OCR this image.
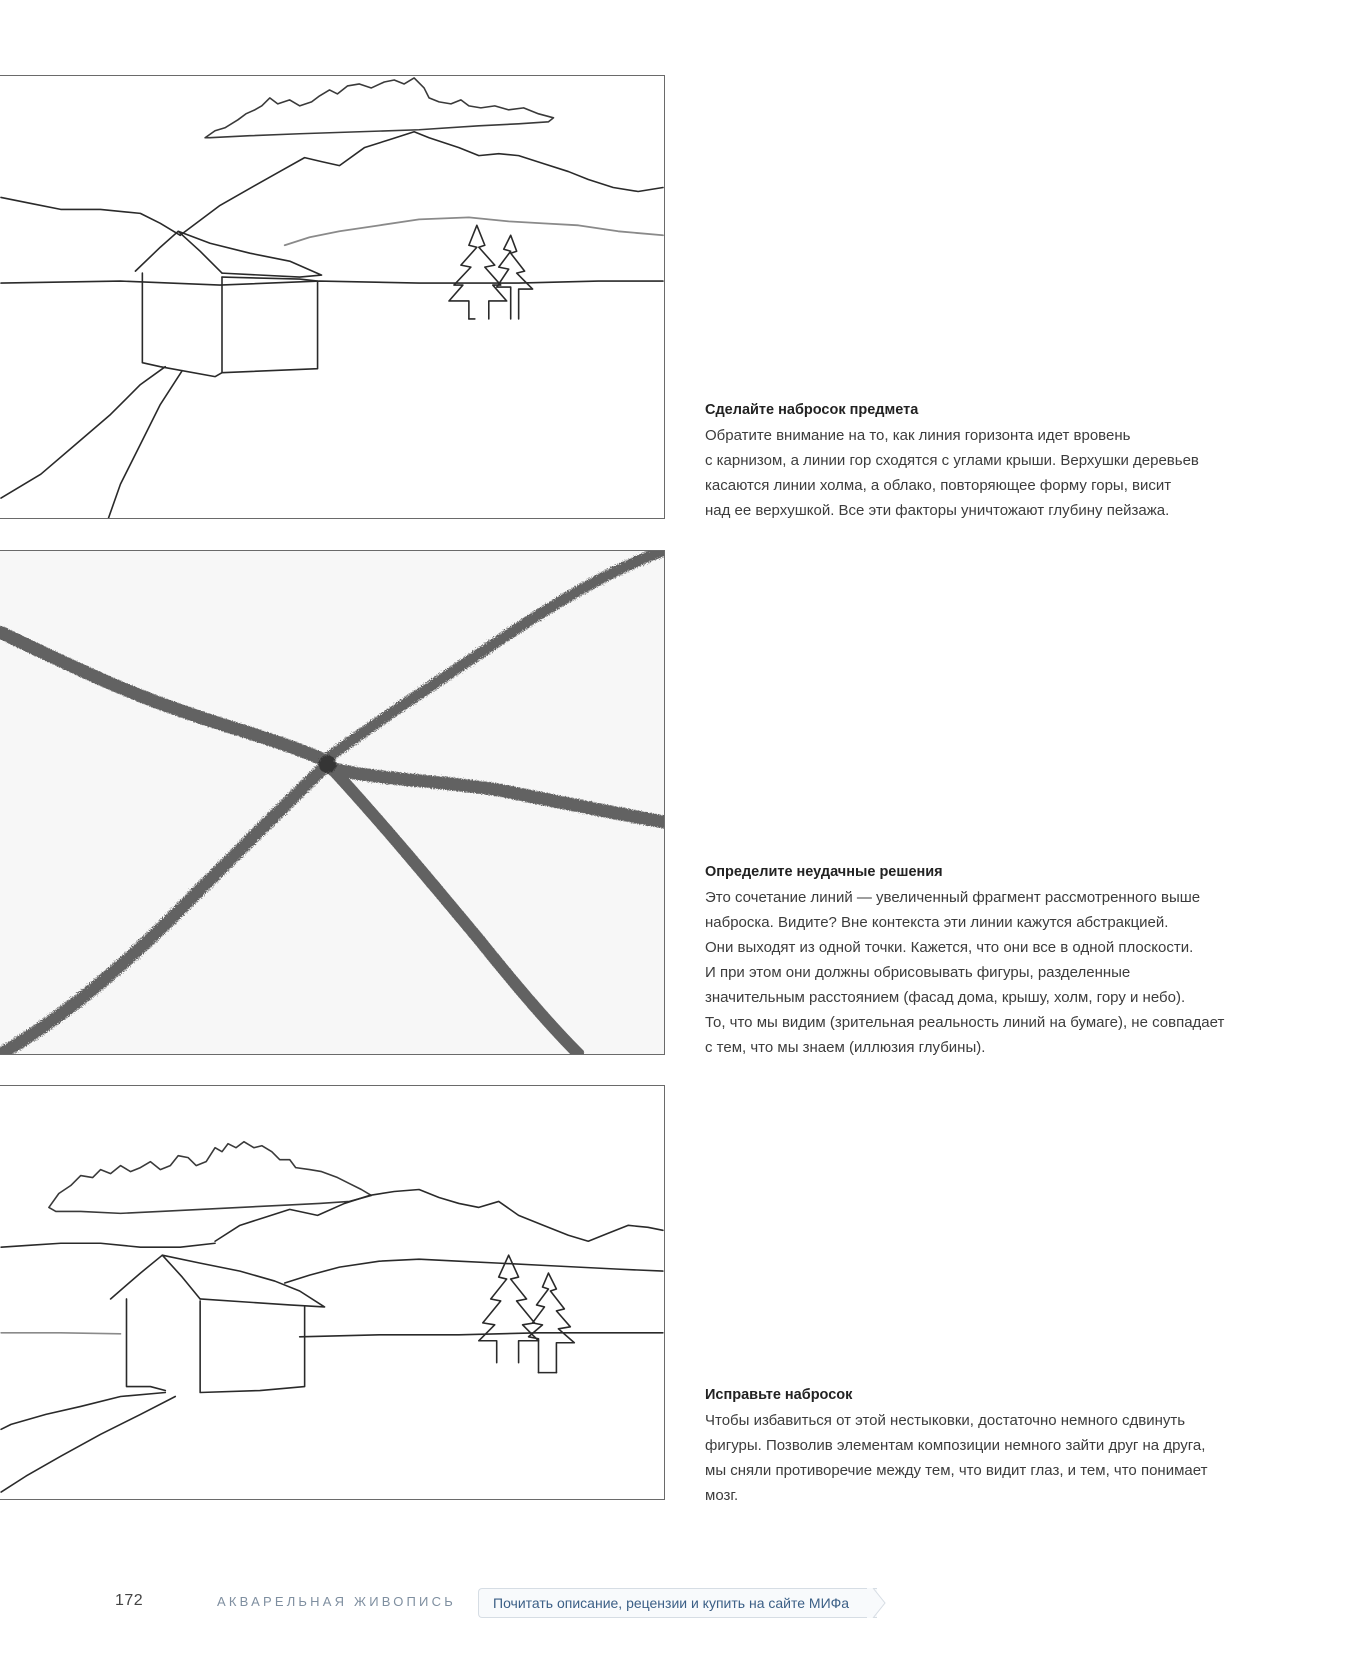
Сделайте набросок предмета
Обратите внимание на то, как линия горизонта идет вровень
с карнизом, а линии гор сходятся с углами крыши. Верхушки деревьев
касаются линии холма, а облако, повторяющее форму горы, висит
над ее верхушкой. Все эти факторы уничтожают глубину пейзажа.
Определите неудачные решения
Это сочетание линий — увеличенный фрагмент рассмотренного выше
наброска. Видите? Вне контекста эти линии кажутся абстракцией.
Они выходят из одной точки. Кажется, что они все в одной плоскости.
И при этом они должны обрисовывать фигуры, разделенные
значительным расстоянием (фасад дома, крышу, холм, гору и небо).
То, что мы видим (зрительная реальность линий на бумаге), не совпадает
с тем, что мы знаем (иллюзия глубины).
Исправьте набросок
Чтобы избавиться от этой нестыковки, достаточно немного сдвинуть
фигуры. Позволив элементам композиции немного зайти друг на друга,
мы сняли противоречие между тем, что видит глаз, и тем, что понимает
мозг.
172	АКВАРЕЛЬНАЯ ЖИВОПИСЬ	Почитать описание, рецензии и купить на сайте МИФа
